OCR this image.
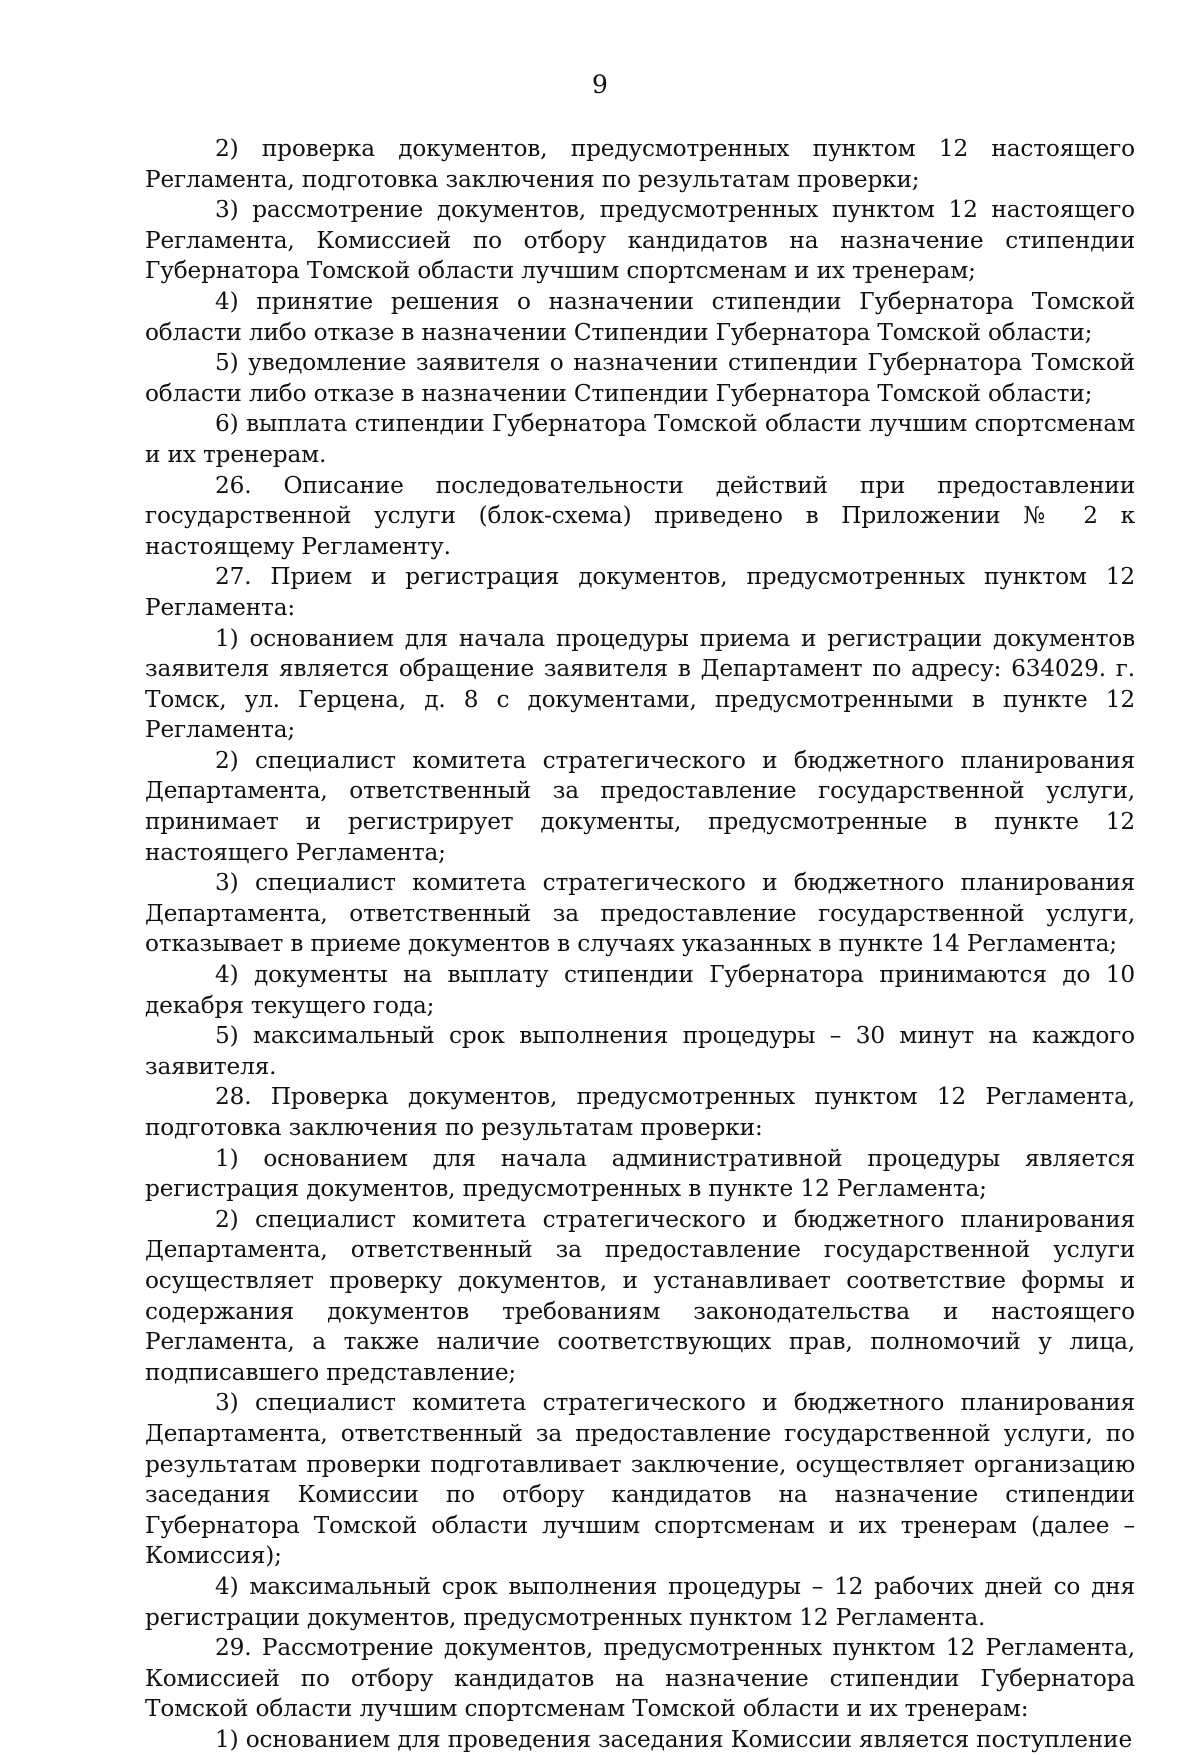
9

2) проверка документов, предусмотренных пунктом 12 настоящего Регламента, подготовка заключения по результатам проверки;

3) рассмотрение документов, предусмотренных пунктом 12 настоящего Регламента, Комиссией по отбору кандидатов на назначение стипендии Губернатора Томской области лучшим спортсменам и их тренерам;

4) принятие решения о назначении стипендии Губернатора Томской области либо отказе в назначении Стипендии Губернатора Томской области;

5) уведомление заявителя о назначении стипендии Губернатора Томской области либо отказе в назначении Стипендии Губернатора Томской области;

6) выплата стипендии Губернатора Томской области лучшим спортсменам и их тренерам.

26. Описание последовательности действий при предоставлении государственной услуги (блок-схема) приведено в Приложении № 2 к настоящему Регламенту.

27. Прием и регистрация документов, предусмотренных пунктом 12 Регламента:

1) основанием для начала процедуры приема и регистрации документов заявителя является обращение заявителя в Департамент по адресу: 634029. г. Томск, ул. Герцена, д. 8 с документами, предусмотренными в пункте 12 Регламента;

2) специалист комитета стратегического и бюджетного планирования Департамента, ответственный за предоставление государственной услуги, принимает и регистрирует документы, предусмотренные в пункте 12 настоящего Регламента;

3) специалист комитета стратегического и бюджетного планирования Департамента, ответственный за предоставление государственной услуги, отказывает в приеме документов в случаях указанных в пункте 14 Регламента;

4) документы на выплату стипендии Губернатора принимаются до 10 декабря текущего года;

5) максимальный срок выполнения процедуры – 30 минут на каждого заявителя.

28. Проверка документов, предусмотренных пунктом 12 Регламента, подготовка заключения по результатам проверки:

1) основанием для начала административной процедуры является регистрация документов, предусмотренных в пункте 12 Регламента;

2) специалист комитета стратегического и бюджетного планирования Департамента, ответственный за предоставление государственной услуги осуществляет проверку документов, и устанавливает соответствие формы и содержания документов требованиям законодательства и настоящего Регламента, а также наличие соответствующих прав, полномочий у лица, подписавшего представление;

3) специалист комитета стратегического и бюджетного планирования Департамента, ответственный за предоставление государственной услуги, по результатам проверки подготавливает заключение, осуществляет организацию заседания Комиссии по отбору кандидатов на назначение стипендии Губернатора Томской области лучшим спортсменам и их тренерам (далее – Комиссия);

4) максимальный срок выполнения процедуры – 12 рабочих дней со дня регистрации документов, предусмотренных пунктом 12 Регламента.

29. Рассмотрение документов, предусмотренных пунктом 12 Регламента, Комиссией по отбору кандидатов на назначение стипендии Губернатора Томской области лучшим спортсменам Томской области и их тренерам:

1) основанием для проведения заседания Комиссии является поступление
